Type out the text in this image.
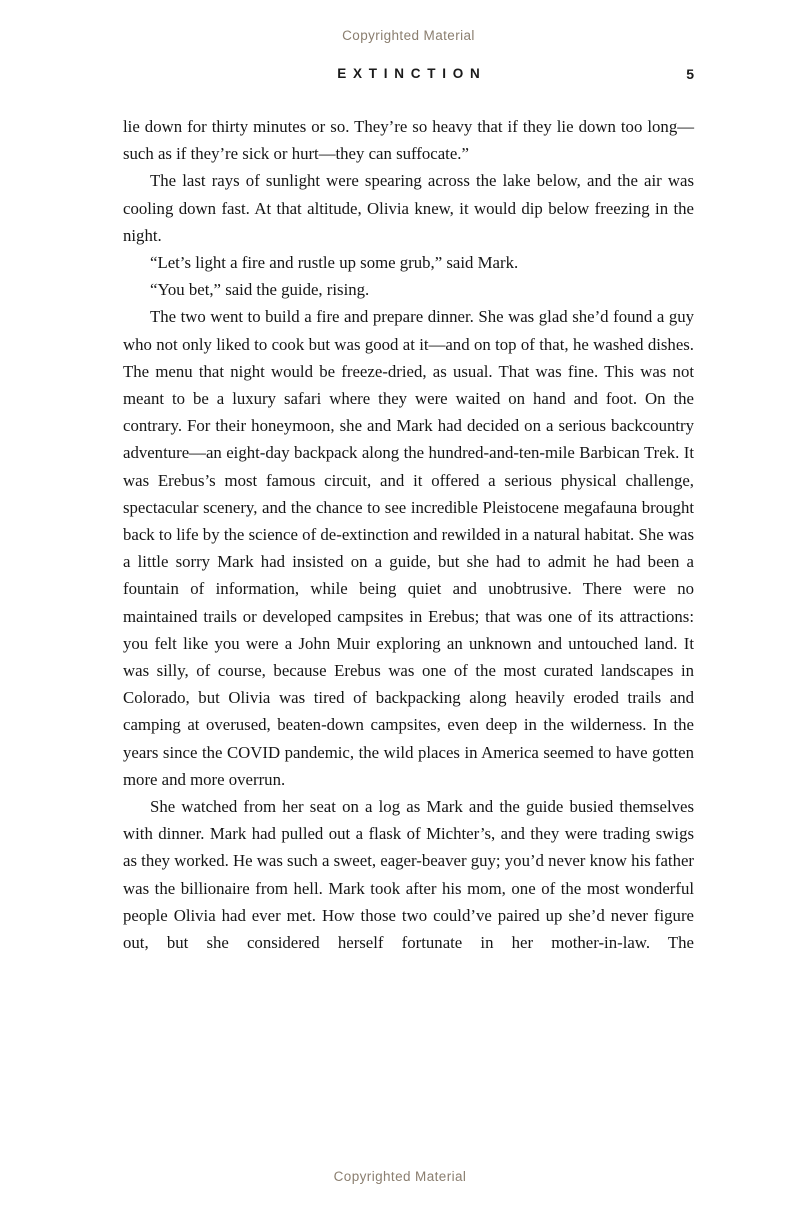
Copyrighted Material
EXTINCTION	5

lie down for thirty minutes or so. They’re so heavy that if they lie down too long—such as if they’re sick or hurt—they can suffocate.”

The last rays of sunlight were spearing across the lake below, and the air was cooling down fast. At that altitude, Olivia knew, it would dip below freezing in the night.

“Let’s light a fire and rustle up some grub,” said Mark.

“You bet,” said the guide, rising.

The two went to build a fire and prepare dinner. She was glad she’d found a guy who not only liked to cook but was good at it—and on top of that, he washed dishes. The menu that night would be freeze-dried, as usual. That was fine. This was not meant to be a luxury safari where they were waited on hand and foot. On the contrary. For their honeymoon, she and Mark had decided on a serious backcountry adventure—an eight-day backpack along the hundred-and-ten-mile Barbican Trek. It was Erebus’s most famous circuit, and it offered a serious physical challenge, spectacular scenery, and the chance to see incredible Pleistocene megafauna brought back to life by the science of de-extinction and rewilded in a natural habitat. She was a little sorry Mark had insisted on a guide, but she had to admit he had been a fountain of information, while being quiet and unobtrusive. There were no maintained trails or developed campsites in Erebus; that was one of its attractions: you felt like you were a John Muir exploring an unknown and untouched land. It was silly, of course, because Erebus was one of the most curated landscapes in Colorado, but Olivia was tired of backpacking along heavily eroded trails and camping at overused, beaten-down campsites, even deep in the wilderness. In the years since the COVID pandemic, the wild places in America seemed to have gotten more and more overrun.

She watched from her seat on a log as Mark and the guide busied themselves with dinner. Mark had pulled out a flask of Michter’s, and they were trading swigs as they worked. He was such a sweet, eager-beaver guy; you’d never know his father was the billionaire from hell. Mark took after his mom, one of the most wonderful people Olivia had ever met. How those two could’ve paired up she’d never figure out, but she considered herself fortunate in her mother-in-law. The

Copyrighted Material
